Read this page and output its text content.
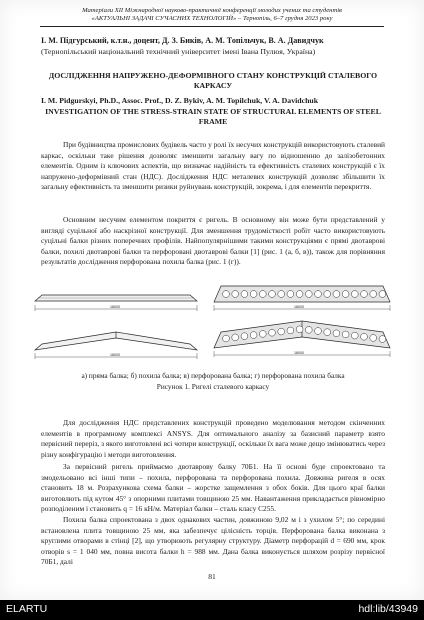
Матеріали XII Міжнародної науково-практичної конференції молодих учених та студентів
«АКТУАЛЬНІ ЗАДАЧІ СУЧАСНИХ ТЕХНОЛОГІЙ» – Тернопіль, 6–7 грудня 2023 року
І. М. Підгурський, к.т.н., доцент, Д. З. Биків, А. М. Топільчук, В. А. Давидчук
(Тернопільський національний технічний університет імені Івана Пулюя, Україна)
ДОСЛІДЖЕННЯ НАПРУЖЕНО-ДЕФОРМІВНОГО СТАНУ КОНСТРУКЦІЙ СТАЛЕВОГО КАРКАСУ
I. M. Pidgurskyi, Ph.D., Assoc. Prof., D. Z. Bykiv, A. M. Topilchuk, V. A. Davidchuk
INVESTIGATION OF THE STRESS-STRAIN STATE OF STRUCTURAL ELEMENTS OF STEEL FRAME

При будівництва промислових будівель часто у ролі їх несучих конструкцій використовують сталевий каркас, оскільки таке рішення дозволяє зменшити загальну вагу по відношенню до залізобетонних елементів. Одним із ключових аспектів, що визначає надійність та ефективність сталевих конструкцій є їх напружено-деформівний стан (НДС). Дослідження НДС металевих конструкцій дозволяє збільшити їх загальну ефективність та зменшити ризики руйнувань конструкцій, зокрема, і для елементів перекриття.

Основним несучим елементом покриття є ригель. В основному він може бути представлений у вигляді суцільної або наскрізної конструкції. Для зменшення трудомісткості робіт часто використовують суцільні балки різних поперечних профілів. Найпопулярнішими такими конструкціями є прямі двотаврові балки, похилі двотаврові балки та перфоровані двотаврові балки [1] (рис. 1 (а, б, в)), також для порівняння результатів дослідження перфорована похила балка (рис. 1 (г)).

18000
18000
18000
18000
а) пряма балка; б) похила балка; в) перфорована балка; г) перфорована похила балка
Рисунок 1. Ригелі сталевого каркасу

Для дослідження НДС представлених конструкцій проведено моделювання методом скінченних елементів в програмному комплексі ANSYS. Для оптимального аналізу за базисний параметр взято первісний переріз, з якого виготовлені всі чотири конструкції, оскільки їх вага може дещо змінюватись через різну конфігурацію і методи виготовлення.

За первісний ригель приймаємо двотаврову балку 70Б1. На її основі буде спроектовано та змодельовано всі інші типи – похила, перфорована та перфорована похила. Довжина ригеля в осях становить 18 м. Розрахункова схема балки – жорстке защемлення з обох боків. Для цього краї балки виготовлють під кутом 45° з опорними плитами товщиною 25 мм. Навантаження прикладається рівномірно розподіленим і становить q = 16 кН/м. Матеріал балки – сталь класу С255.

Похила балка спроектована з двох однакових частин, довжиною 9,02 м і з ухилом 5°; по середині встановлена плита товщиною 25 мм, яка забезпечує цілісність торців. Перфорована балка виконана з круглими отворами в стінці [2], що утворюють регулярну структуру. Діаметр перфорацій d = 690 мм, крок отворів s = 1 040 мм, повна висота балки h = 988 мм. Дана балка виконується шляхом розрізу первісної 70Б1, далі

81
ELARTU	hdl:lib/43949
